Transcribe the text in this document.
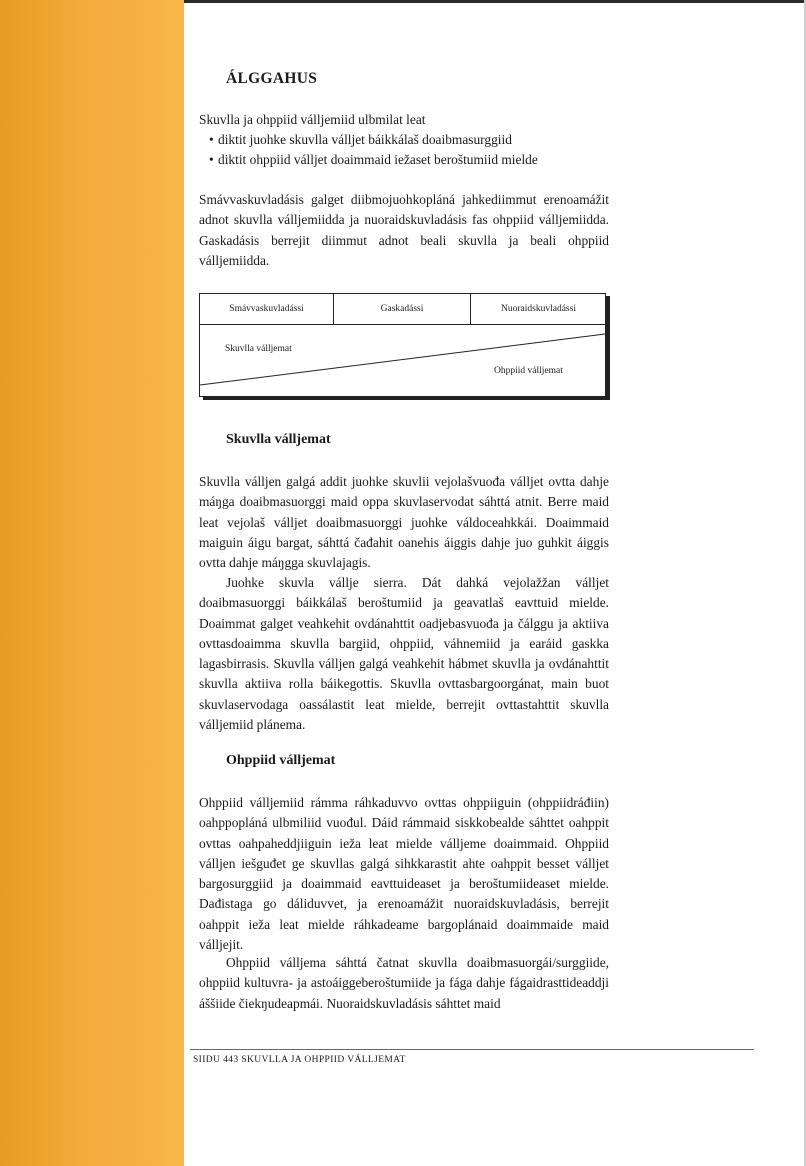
ÁLGGAHUS

Skuvlla ja ohppiid válljemiid ulbmilat leat

• diktit juohke skuvlla válljet báikkálaš doaibmasurggiid
• diktit ohppiid válljet doaimmaid iežaset beroštumiid mielde

Smávvaskuvladásis galget diibmojuohkopláná jahkediimmut erenoamážit adnot skuvlla válljemiidda ja nuoraidskuvladásis fas ohppiid válljemiidda. Gaskadásis berrejit diimmut adnot beali skuvlla ja beali ohppiid válljemiidda.

Smávvaskuvladássi	Gaskadássi	Nuoraidskuvladássi
Skuvlla válljemat
Ohppiid válljemat
Skuvlla válljemat

Skuvlla válljen galgá addit juohke skuvlii vejolašvuođa válljet ovtta dahje máŋga doaibmasuorggi maid oppa skuvlaservodat sáhttá atnit. Berre maid leat vejolaš válljet doaibmasuorggi juohke váldoceahkkái. Doaimmaid maiguin áigu bargat, sáhttá čađahit oanehis áiggis dahje juo guhkit áiggis ovtta dahje máŋgga skuvlajagis.

Juohke skuvla vállje sierra. Dát dahká vejolažžan válljet doaibmasuorggi báikkálaš beroštumiid ja geavatlaš eavttuid mielde. Doaimmat galget veahkehit ovdánahttit oadjebasvuođa ja čálggu ja aktiiva ovttasdoaimma skuvlla bargiid, ohppiid, váhnemiid ja earáid gaskka lagasbirrasis. Skuvlla válljen galgá veahkehit hábmet skuvlla ja ovdánahttit skuvlla aktiiva rolla báikegottis. Skuvlla ovttasbargoorgánat, main buot skuvlaservodaga oassálastit leat mielde, berrejit ovttastahttit skuvlla válljemiid plánema.

Ohppiid válljemat

Ohppiid válljemiid rámma ráhkaduvvo ovttas ohppiiguin (ohppiidráđiin) oahppopláná ulbmiliid vuođul. Dáid rámmaid siskkobealde sáhttet oahppit ovttas oahpaheddjiiguin ieža leat mielde válljeme doaimmaid. Ohppiid válljen iešguđet ge skuvllas galgá sihkkarastit ahte oahppit besset válljet bargosurggiid ja doaimmaid eavttuideaset ja beroštumiideaset mielde. Dađistaga go dáliduvvet, ja erenoamážit nuoraidskuvladásis, berrejit oahppit ieža leat mielde ráhkadeame bargoplánaid doaimmaide maid válljejit.

Ohppiid válljema sáhttá čatnat skuvlla doaibmasuorgái/surggiide, ohppiid kultuvra- ja astoáiggeberoštumiide ja fága dahje fágaidrasttideaddji áššiide čiekŋudeapmái. Nuoraidskuvladásis sáhttet maid

SIIDU 443 SKUVLLA JA OHPPIID VÁLLJEMAT
